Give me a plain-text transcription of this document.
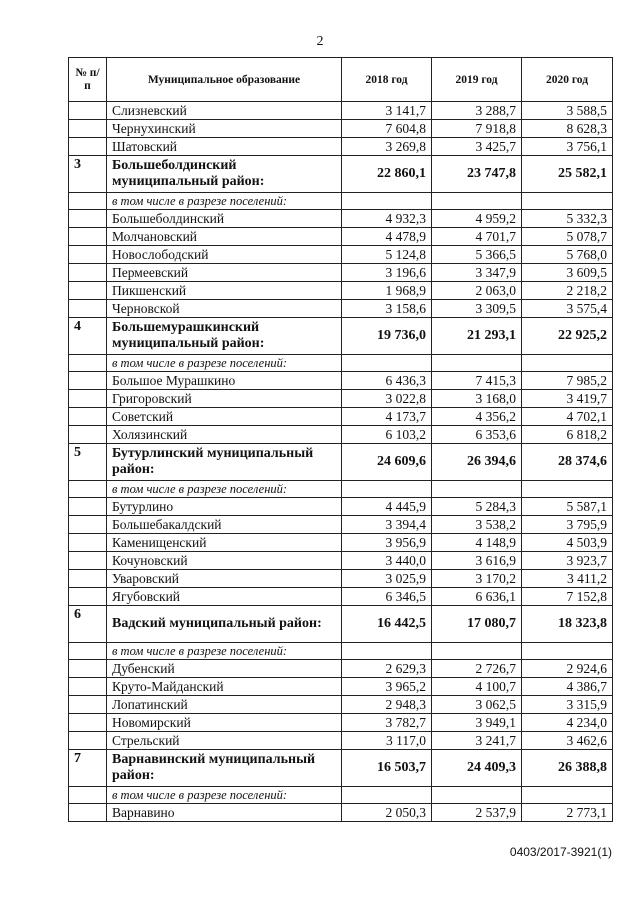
2
№ п/п	Муниципальное образование	2018 год	2019 год	2020 год
	Слизневский	3 141,7	3 288,7	3 588,5
	Чернухинский	7 604,8	7 918,8	8 628,3
	Шатовский	3 269,8	3 425,7	3 756,1
3	Большеболдинский муниципальный район:	22 860,1	23 747,8	25 582,1
	в том числе в разрезе поселений:			
	Большеболдинский	4 932,3	4 959,2	5 332,3
	Молчановский	4 478,9	4 701,7	5 078,7
	Новослободский	5 124,8	5 366,5	5 768,0
	Пермеевский	3 196,6	3 347,9	3 609,5
	Пикшенский	1 968,9	2 063,0	2 218,2
	Черновской	3 158,6	3 309,5	3 575,4
4	Большемурашкинский муниципальный район:	19 736,0	21 293,1	22 925,2
	в том числе в разрезе поселений:			
	Большое Мурашкино	6 436,3	7 415,3	7 985,2
	Григоровский	3 022,8	3 168,0	3 419,7
	Советский	4 173,7	4 356,2	4 702,1
	Холязинский	6 103,2	6 353,6	6 818,2
5	Бутурлинский муниципальный район:	24 609,6	26 394,6	28 374,6
	в том числе в разрезе поселений:			
	Бутурлино	4 445,9	5 284,3	5 587,1
	Большебакалдский	3 394,4	3 538,2	3 795,9
	Каменищенский	3 956,9	4 148,9	4 503,9
	Кочуновский	3 440,0	3 616,9	3 923,7
	Уваровский	3 025,9	3 170,2	3 411,2
	Ягубовский	6 346,5	6 636,1	7 152,8
6	Вадский муниципальный район:	16 442,5	17 080,7	18 323,8
	в том числе в разрезе поселений:			
	Дубенский	2 629,3	2 726,7	2 924,6
	Круто-Майданский	3 965,2	4 100,7	4 386,7
	Лопатинский	2 948,3	3 062,5	3 315,9
	Новомирский	3 782,7	3 949,1	4 234,0
	Стрельский	3 117,0	3 241,7	3 462,6
7	Варнавинский муниципальный район:	16 503,7	24 409,3	26 388,8
	в том числе в разрезе поселений:			
	Варнавино	2 050,3	2 537,9	2 773,1
0403/2017-3921(1)
